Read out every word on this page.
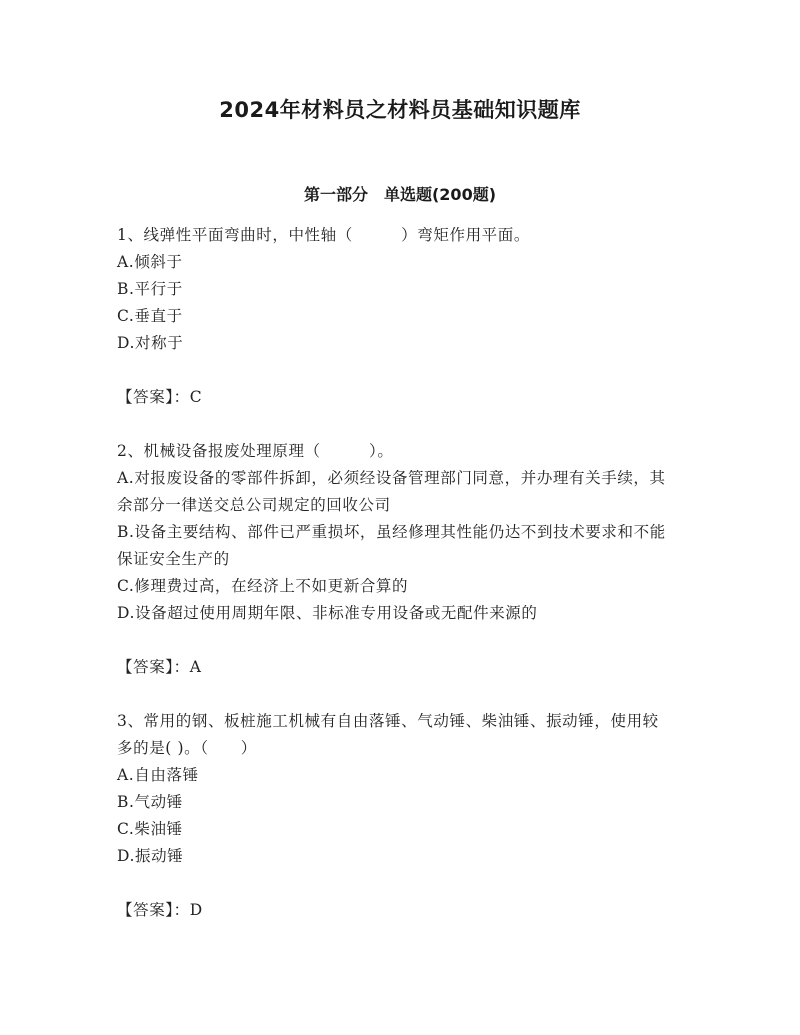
2024年材料员之材料员基础知识题库
第一部分　单选题(200题)

1、线弹性平面弯曲时，中性轴（　　　）弯矩作用平面。

A.倾斜于

B.平行于

C.垂直于

D.对称于

【答案】：C

2、机械设备报废处理原理（　　　）。

A.对报废设备的零部件拆卸，必须经设备管理部门同意，并办理有关手续，其余部分一律送交总公司规定的回收公司

B.设备主要结构、部件已严重损坏，虽经修理其性能仍达不到技术要求和不能保证安全生产的

C.修理费过高，在经济上不如更新合算的

D.设备超过使用周期年限、非标准专用设备或无配件来源的

【答案】：A

3、常用的钢、板桩施工机械有自由落锤、气动锤、柴油锤、振动锤，使用较多的是( )。（　　）

A.自由落锤

B.气动锤

C.柴油锤

D.振动锤

【答案】：D
